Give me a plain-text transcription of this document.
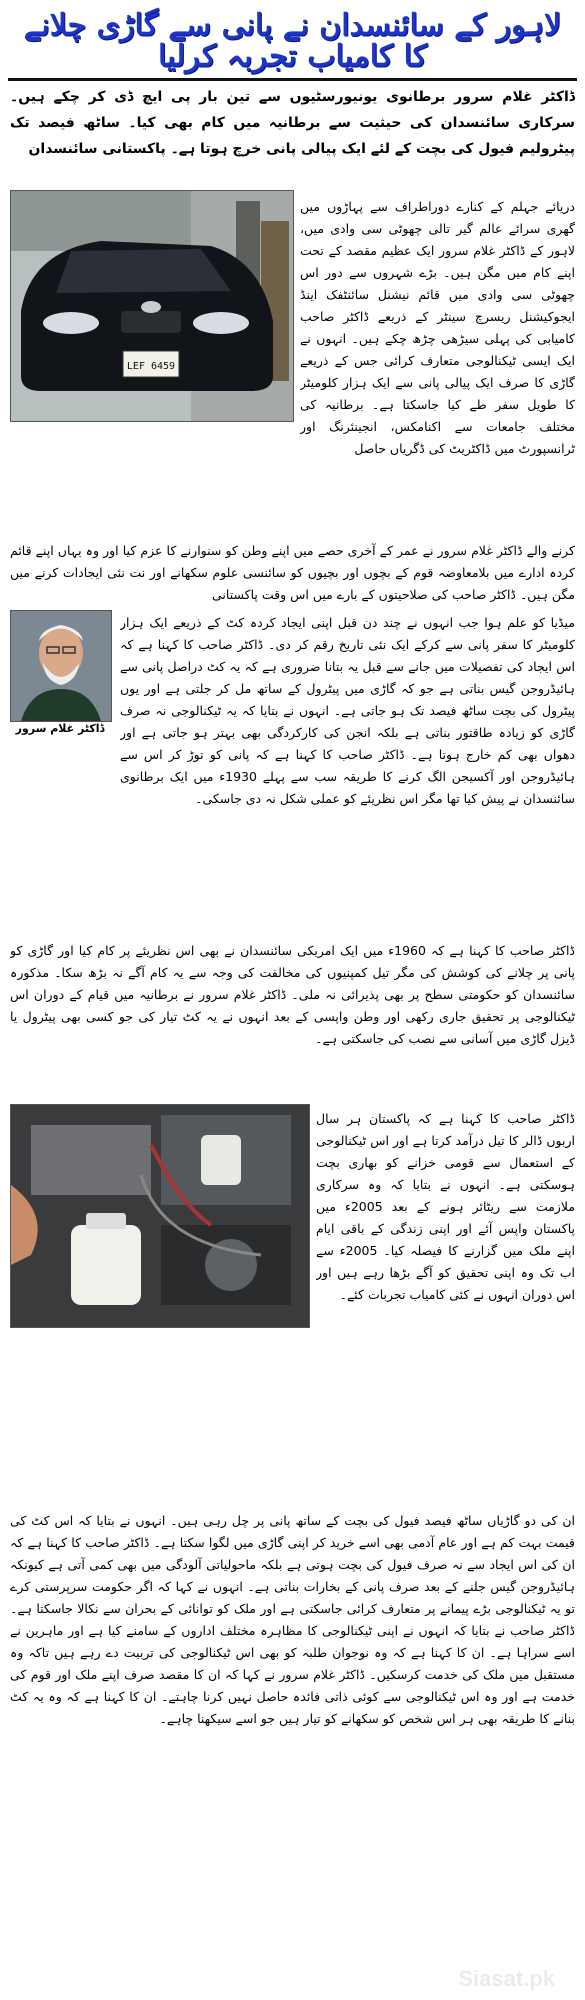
لاہور کے سائنسدان نے پانی سے گاڑی چلانے کا کامیاب تجربہ کرلیا
ڈاکٹر غلام سرور برطانوی یونیورسٹیوں سے تین بار پی ایچ ڈی کر چکے ہیں۔ سرکاری سائنسدان کی حیثیت سے برطانیہ میں کام بھی کیا۔ ساٹھ فیصد تک پیٹرولیم فیول کی بچت کے لئے ایک پیالی پانی خرچ ہوتا ہے۔ پاکستانی سائنسدان
LEF 6459
دریائے جہلم کے کنارے دوراطراف سے پہاڑوں میں گھری سرائے عالم گیر تالی چھوٹی سی وادی میں، لاہور کے ڈاکٹر غلام سرور ایک عظیم مقصد کے تحت اپنے کام میں مگن ہیں۔ بڑے شہروں سے دور اس چھوٹی سی وادی میں قائم نیشنل سائنٹفک اینڈ ایجوکیشنل ریسرچ سینٹر کے ذریعے ڈاکٹر صاحب کامیابی کی پہلی سیڑھی چڑھ چکے ہیں۔ انہوں نے ایک ایسی ٹیکنالوجی متعارف کرائی جس کے ذریعے گاڑی کا صرف ایک پیالی پانی سے ایک ہزار کلومیٹر کا طویل سفر طے کیا جاسکتا ہے۔ برطانیہ کی مختلف جامعات سے اکنامکس، انجینئرنگ اور ٹرانسپورٹ میں ڈاکٹریٹ کی ڈگریاں حاصل
کرنے والے ڈاکٹر غلام سرور نے عمر کے آخری حصے میں اپنے وطن کو سنوارنے کا عزم کیا اور وہ یہاں اپنے قائم کردہ ادارے میں بلامعاوضہ قوم کے بچوں اور بچیوں کو سائنسی علوم سکھانے اور نت نئی ایجادات کرنے میں مگن ہیں۔ ڈاکٹر صاحب کی صلاحیتوں کے بارے میں اس وقت پاکستانی
ڈاکٹر غلام سرور
میڈیا کو علم ہوا جب انہوں نے چند دن قبل اپنی ایجاد کردہ کٹ کے ذریعے ایک ہزار کلومیٹر کا سفر پانی سے کرکے ایک نئی تاریخ رقم کر دی۔ ڈاکٹر صاحب کا کہنا ہے کہ اس ایجاد کی تفصیلات میں جانے سے قبل یہ بتانا ضروری ہے کہ یہ کٹ دراصل پانی سے ہائیڈروجن گیس بناتی ہے جو کہ گاڑی میں پیٹرول کے ساتھ مل کر جلتی ہے اور یوں پیٹرول کی بچت ساٹھ فیصد تک ہو جاتی ہے۔ انہوں نے بتایا کہ یہ ٹیکنالوجی نہ صرف گاڑی کو زیادہ طاقتور بناتی ہے بلکہ انجن کی کارکردگی بھی بہتر ہو جاتی ہے اور دھواں بھی کم خارج ہوتا ہے۔ ڈاکٹر صاحب کا کہنا ہے کہ پانی کو توڑ کر اس سے ہائیڈروجن اور آکسیجن الگ کرنے کا طریقہ سب سے پہلے 1930ء میں ایک برطانوی سائنسدان نے پیش کیا تھا مگر اس نظریئے کو عملی شکل نہ دی جاسکی۔
ڈاکٹر صاحب کا کہنا ہے کہ 1960ء میں ایک امریکی سائنسدان نے بھی اس نظریئے پر کام کیا اور گاڑی کو پانی پر چلانے کی کوشش کی مگر تیل کمپنیوں کی مخالفت کی وجہ سے یہ کام آگے نہ بڑھ سکا۔ مذکورہ سائنسدان کو حکومتی سطح پر بھی پذیرائی نہ ملی۔ ڈاکٹر غلام سرور نے برطانیہ میں قیام کے دوران اس ٹیکنالوجی پر تحقیق جاری رکھی اور وطن واپسی کے بعد انہوں نے یہ کٹ تیار کی جو کسی بھی پیٹرول یا ڈیزل گاڑی میں آسانی سے نصب کی جاسکتی ہے۔
ڈاکٹر صاحب کا کہنا ہے کہ پاکستان ہر سال اربوں ڈالر کا تیل درآمد کرتا ہے اور اس ٹیکنالوجی کے استعمال سے قومی خزانے کو بھاری بچت ہوسکتی ہے۔ انہوں نے بتایا کہ وہ سرکاری ملازمت سے ریٹائر ہونے کے بعد 2005ء میں پاکستان واپس آئے اور اپنی زندگی کے باقی ایام اپنے ملک میں گزارنے کا فیصلہ کیا۔ 2005ء سے اب تک وہ اپنی تحقیق کو آگے بڑھا رہے ہیں اور اس دوران انہوں نے کئی کامیاب تجربات کئے۔
ان کی دو گاڑیاں ساٹھ فیصد فیول کی بچت کے ساتھ پانی پر چل رہی ہیں۔ انہوں نے بتایا کہ اس کٹ کی قیمت بہت کم ہے اور عام آدمی بھی اسے خرید کر اپنی گاڑی میں لگوا سکتا ہے۔ ڈاکٹر صاحب کا کہنا ہے کہ ان کی اس ایجاد سے نہ صرف فیول کی بچت ہوتی ہے بلکہ ماحولیاتی آلودگی میں بھی کمی آتی ہے کیونکہ ہائیڈروجن گیس جلنے کے بعد صرف پانی کے بخارات بناتی ہے۔ انہوں نے کہا کہ اگر حکومت سرپرستی کرے تو یہ ٹیکنالوجی بڑے پیمانے پر متعارف کرائی جاسکتی ہے اور ملک کو توانائی کے بحران سے نکالا جاسکتا ہے۔ ڈاکٹر صاحب نے بتایا کہ انہوں نے اپنی ٹیکنالوجی کا مظاہرہ مختلف اداروں کے سامنے کیا ہے اور ماہرین نے اسے سراہا ہے۔ ان کا کہنا ہے کہ وہ نوجوان طلبہ کو بھی اس ٹیکنالوجی کی تربیت دے رہے ہیں تاکہ وہ مستقبل میں ملک کی خدمت کرسکیں۔ ڈاکٹر غلام سرور نے کہا کہ ان کا مقصد صرف اپنے ملک اور قوم کی خدمت ہے اور وہ اس ٹیکنالوجی سے کوئی ذاتی فائدہ حاصل نہیں کرنا چاہتے۔ ان کا کہنا ہے کہ وہ یہ کٹ بنانے کا طریقہ بھی ہر اس شخص کو سکھانے کو تیار ہیں جو اسے سیکھنا چاہے۔
Siasat.pk
